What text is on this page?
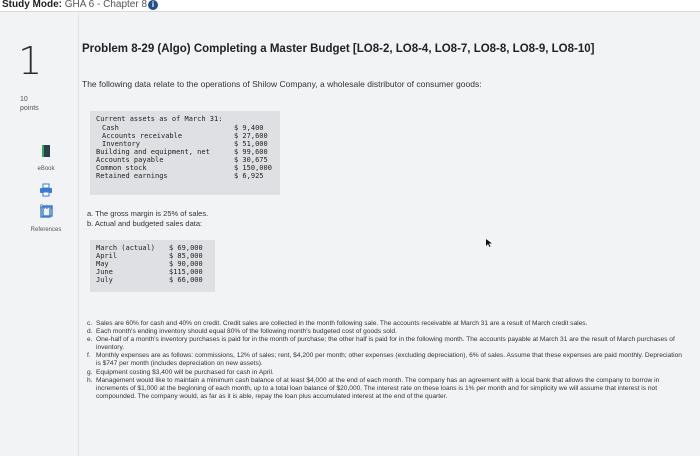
Study Mode: GHA 6 - Chapter 8 i
1
10
points
eBook
Print
References
Problem 8-29 (Algo) Completing a Master Budget [LO8-2, LO8-4, LO8-7, LO8-8, LO8-9, LO8-10]
The following data relate to the operations of Shilow Company, a wholesale distributor of consumer goods:
Current assets as of March 31:
Cash	$ 9,400
Accounts receivable	$ 27,600
Inventory	$ 51,000
Building and equipment, net	$ 99,600
Accounts payable	$ 30,675
Common stock	$ 150,000
Retained earnings	$ 6,925
a. The gross margin is 25% of sales.
b. Actual and budgeted sales data:
March (actual)	$ 69,000
April	$ 85,000
May	$ 90,000
June	$115,000
July	$ 66,000
c. Sales are 60% for cash and 40% on credit. Credit sales are collected in the month following sale. The accounts receivable at March 31 are a result of March credit sales.
d. Each month's ending inventory should equal 80% of the following month's budgeted cost of goods sold.
e. One-half of a month's inventory purchases is paid for in the month of purchase; the other half is paid for in the following month. The accounts payable at March 31 are the result of March purchases of inventory.
f. Monthly expenses are as follows: commissions, 12% of sales; rent, $4,200 per month; other expenses (excluding depreciation), 6% of sales. Assume that these expenses are paid monthly. Depreciation is $747 per month (includes depreciation on new assets).
g. Equipment costing $3,400 will be purchased for cash in April.
h. Management would like to maintain a minimum cash balance of at least $4,000 at the end of each month. The company has an agreement with a local bank that allows the company to borrow in increments of $1,000 at the beginning of each month, up to a total loan balance of $20,000. The interest rate on these loans is 1% per month and for simplicity we will assume that interest is not compounded. The company would, as far as it is able, repay the loan plus accumulated interest at the end of the quarter.
